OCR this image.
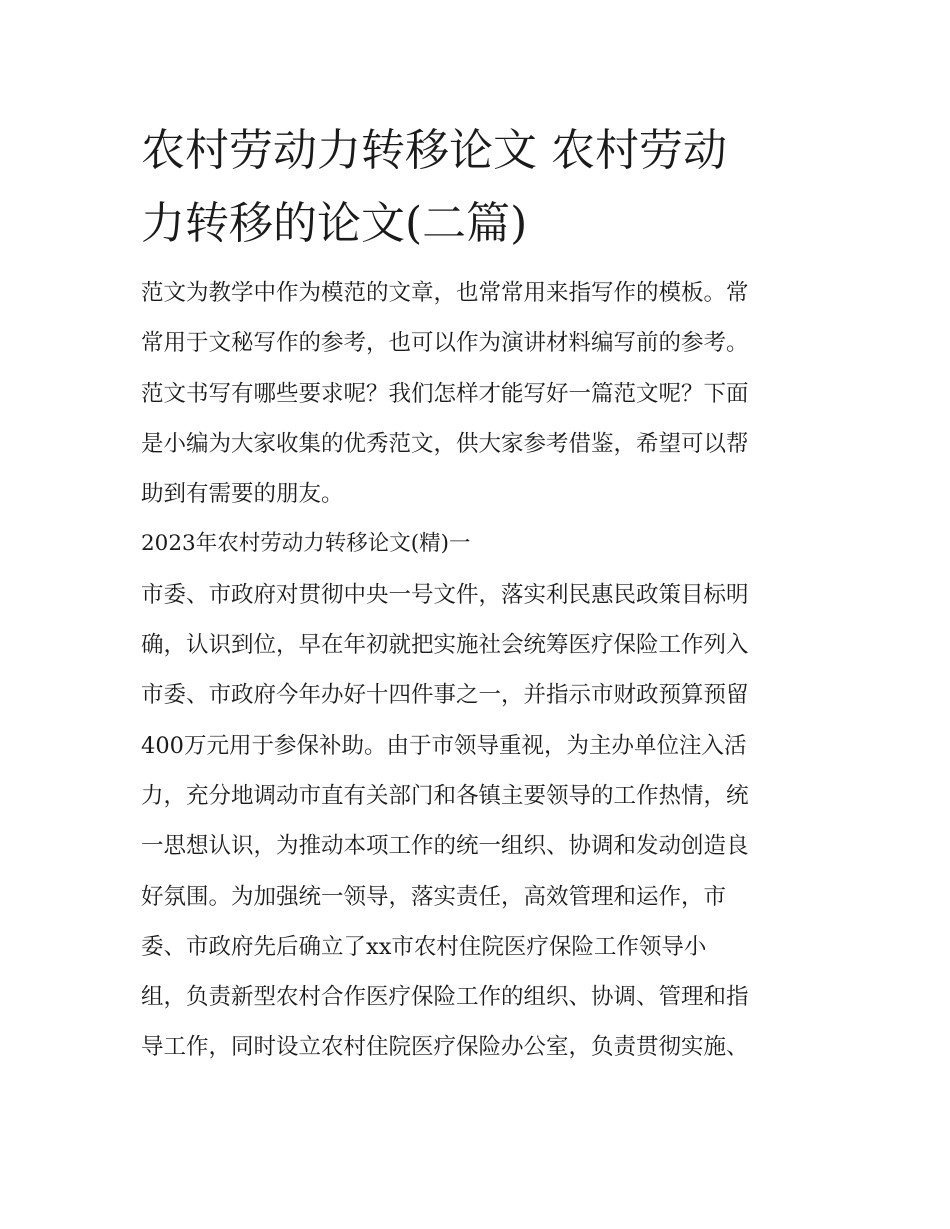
农村劳动力转移论文 农村劳动
力转移的论文(二篇)

范文为教学中作为模范的文章，也常常用来指写作的模板。常
常用于文秘写作的参考，也可以作为演讲材料编写前的参考。
范文书写有哪些要求呢？我们怎样才能写好一篇范文呢？下面
是小编为大家收集的优秀范文，供大家参考借鉴，希望可以帮
助到有需要的朋友。

2023年农村劳动力转移论文(精)一

市委、市政府对贯彻中央一号文件，落实利民惠民政策目标明
确，认识到位，早在年初就把实施社会统筹医疗保险工作列入
市委、市政府今年办好十四件事之一，并指示市财政预算预留
400万元用于参保补助。由于市领导重视，为主办单位注入活
力，充分地调动市直有关部门和各镇主要领导的工作热情，统
一思想认识，为推动本项工作的统一组织、协调和发动创造良
好氛围。为加强统一领导，落实责任，高效管理和运作，市
委、市政府先后确立了xx市农村住院医疗保险工作领导小
组，负责新型农村合作医疗保险工作的组织、协调、管理和指
导工作，同时设立农村住院医疗保险办公室，负责贯彻实施、
